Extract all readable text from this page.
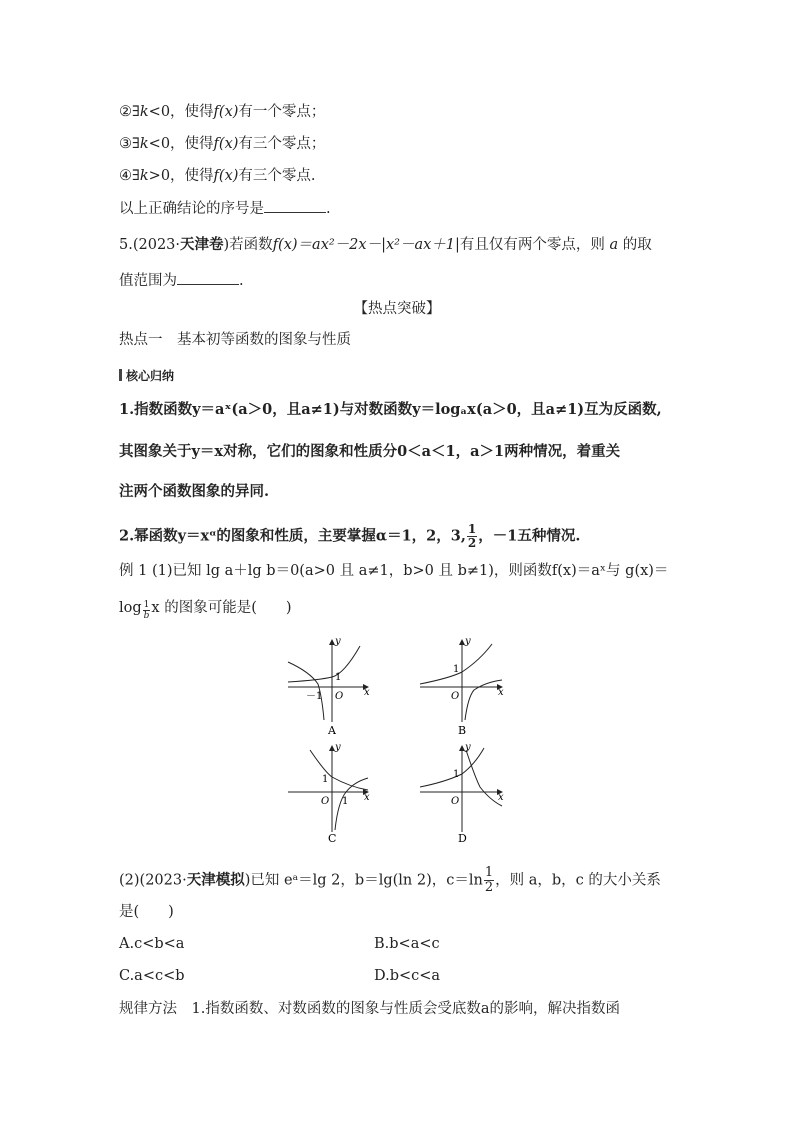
②∃k<0，使得f(x)有一个零点；
③∃k<0，使得f(x)有三个零点；
④∃k>0，使得f(x)有三个零点.
以上正确结论的序号是	.
5.(2023·天津卷)若函数f(x)＝ax²－2x－|x²－ax＋1|有且仅有两个零点，则 a 的取
值范围为	.
【热点突破】
热点一　基本初等函数的图象与性质
核心归纳
1.指数函数y＝aˣ(a＞0，且a≠1)与对数函数y＝logₐx(a＞0，且a≠1)互为反函数,
其图象关于y＝x对称，它们的图象和性质分0＜a＜1，a＞1两种情况，着重关
注两个函数图象的异同.
2.幂函数y＝xᵅ的图象和性质，主要掌握α＝1，2，3, $\frac{1}{2}$ ，－1五种情况.
例 1 (1)已知 lg a＋lg b＝0(a>0 且 a≠1，b>0 且 b≠1)，则函数f(x)＝aˣ与 g(x)＝
$\log \frac{1}{b}$ x 的图象可能是(　　)
x
y
O
1
－1
A
x
y
O
1
B
x
y
O
1
1
C
x
y
O
1
D
(2)(2023·天津模拟)已知 eᵃ＝lg 2，b＝lg(ln 2)，$c=\ln \frac{1}{2}$ ，则 a，b，c 的大小关系
是(　　)
A.c<b<a	B.b<a<c
C.a<c<b	D.b<c<a
规律方法　 1.指数函数、对数函数的图象与性质会受底数a的影响，解决指数函
